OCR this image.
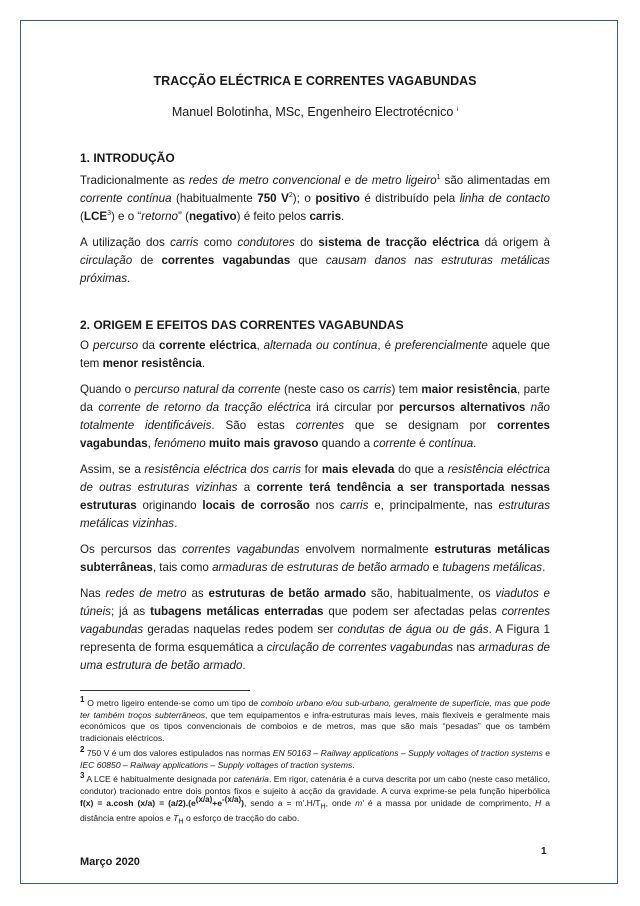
TRACÇÃO ELÉCTRICA E CORRENTES VAGABUNDAS

Manuel Bolotinha, MSc, Engenheiro Electrotécnico $^i$

1. INTRODUÇÃO

Tradicionalmente as redes de metro convencional e de metro ligeiro$^1$ são alimentadas em corrente contínua (habitualmente 750 $V^2$); o positivo é distribuído pela linha de contacto (LCE$^3$) e o “retorno” (negativo) é feito pelos carris.

A utilização dos carris como condutores do sistema de tracção eléctrica dá origem à circulação de correntes vagabundas que causam danos nas estruturas metálicas próximas.

2. ORIGEM E EFEITOS DAS CORRENTES VAGABUNDAS

O percurso da corrente eléctrica, alternada ou contínua, é preferencialmente aquele que tem menor resistência.

Quando o percurso natural da corrente (neste caso os carris) tem maior resistência, parte da corrente de retorno da tracção eléctrica irá circular por percursos alternativos não totalmente identificáveis. São estas correntes que se designam por correntes vagabundas, fenómeno muito mais gravoso quando a corrente é contínua.

Assim, se a resistência eléctrica dos carris for mais elevada do que a resistência eléctrica de outras estruturas vizinhas a corrente terá tendência a ser transportada nessas estruturas originando locais de corrosão nos carris e, principalmente, nas estruturas metálicas vizinhas.

Os percursos das correntes vagabundas envolvem normalmente estruturas metálicas subterrâneas, tais como armaduras de estruturas de betão armado e tubagens metálicas.

Nas redes de metro as estruturas de betão armado são, habitualmente, os viadutos e túneis; já as tubagens metálicas enterradas que podem ser afectadas pelas correntes vagabundas geradas naquelas redes podem ser condutas de água ou de gás. A Figura 1 representa de forma esquemática a circulação de correntes vagabundas nas armaduras de uma estrutura de betão armado.

$^1$ O metro ligeiro entende-se como um tipo de comboio urbano e/ou sub-urbano, geralmente de superfície, mas que pode ter também troços subterrâneos, que tem equipamentos e infra-estruturas mais leves, mais flexíveis e geralmente mais económicos que os tipos convencionais de comboios e de metros, mas que são mais “pesadas” que os também tradicionais eléctricos.

$^2$ 750 V é um dos valores estipulados nas normas EN 50163 – Railway applications – Supply voltages of traction systems e IEC 60850 – Railway applications – Supply voltages of traction systems.

$^3$ A LCE é habitualmente designada por catenária. Em rigor, catenária é a curva descrita por um cabo (neste caso metálico, condutor) tracionado entre dois pontos fixos e sujeito à acção da gravidade. A curva exprime-se pela função hiperbólica f(x) = a.cosh $(x/a) = (a/2).(e^{(x/a)}+e^{-(x/a)})$, sendo $a = m'.H/T_H$, onde m' é a massa por unidade de comprimento, H a distância entre apoios e $T_H$ o esforço de tracção do cabo.

1
Março 2020
